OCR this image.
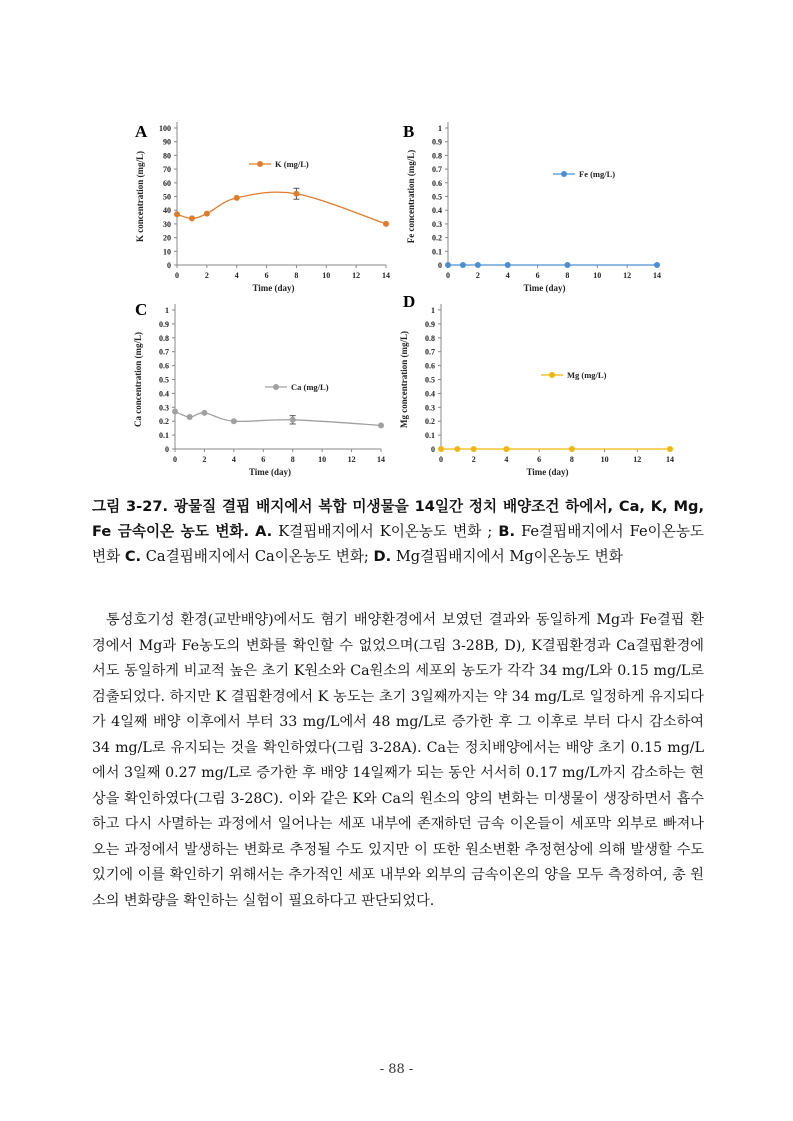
A
0
10
20
30
40
50
60
70
80
90
100
0	2	4	6	8	10	12	14
Time (day)
K concentration (mg/L)	K (mg/L)
B
0
0.1
0.2
0.3
0.4
0.5
0.6
0.7
0.8
0.9
1
0	2	4	6	8	10	12	14
Time (day)
Fe concentration (mg/L)	Fe (mg/L)
C
0
0.1
0.2
0.3
0.4
0.5
0.6
0.7
0.8
0.9
1
0	2	4	6	8	10	12	14
Time (day)
Ca concentration (mg/L)	Ca (mg/L)
D
0
0.1
0.2
0.3
0.4
0.5
0.6
0.7
0.8
0.9
1
0	2	4	6	8	10	12	14
Time (day)
Mg concentration (mg/L)	Mg (mg/L)
그림 3-27. 광물질 결핍 배지에서 복합 미생물을 14일간 정치 배양조건 하에서, Ca, K, Mg, Fe 금속이온 농도 변화. A. K결핍배지에서 K이온농도 변화 ; B. Fe결핍배지에서 Fe이온농도 변화 C. Ca결핍배지에서 Ca이온농도 변화; D. Mg결핍배지에서 Mg이온농도 변화

통성호기성 환경(교반배양)에서도 혐기 배양환경에서 보였던 결과와 동일하게 Mg과 Fe결핍 환경에서 Mg과 Fe농도의 변화를 확인할 수 없었으며(그림 3-28B, D), K결핍환경과 Ca결핍환경에서도 동일하게 비교적 높은 초기 K원소와 Ca원소의 세포외 농도가 각각 34 mg/L와 0.15 mg/L로 검출되었다. 하지만 K 결핍환경에서 K 농도는 초기 3일째까지는 약 34 mg/L로 일정하게 유지되다가 4일째 배양 이후에서 부터 33 mg/L에서 48 mg/L로 증가한 후 그 이후로 부터 다시 감소하여 34 mg/L로 유지되는 것을 확인하였다(그림 3-28A). Ca는 정치배양에서는 배양 초기 0.15 mg/L에서 3일째 0.27 mg/L로 증가한 후 배양 14일째가 되는 동안 서서히 0.17 mg/L까지 감소하는 현상을 확인하였다(그림 3-28C). 이와 같은 K와 Ca의 원소의 양의 변화는 미생물이 생장하면서 흡수하고 다시 사멸하는 과정에서 일어나는 세포 내부에 존재하던 금속 이온들이 세포막 외부로 빠져나오는 과정에서 발생하는 변화로 추정될 수도 있지만 이 또한 원소변환 추정현상에 의해 발생할 수도 있기에 이를 확인하기 위해서는 추가적인 세포 내부와 외부의 금속이온의 양을 모두 측정하여, 총 원소의 변화량을 확인하는 실험이 필요하다고 판단되었다.

- 88 -
